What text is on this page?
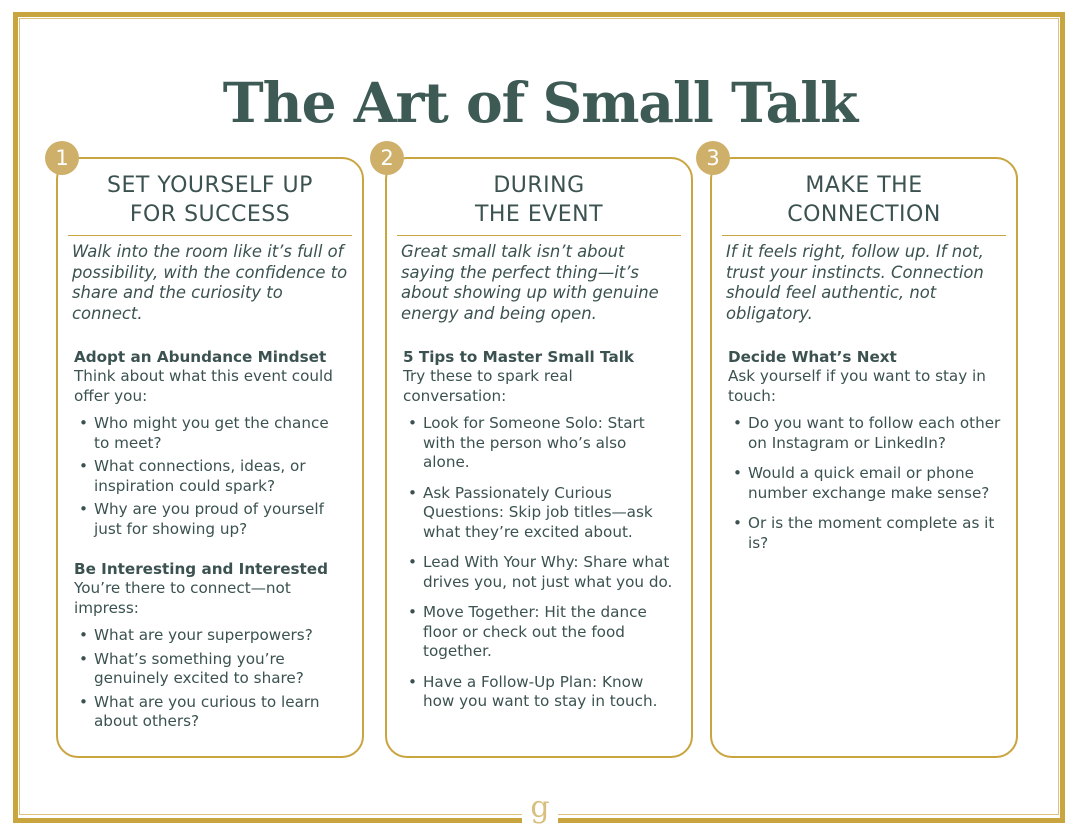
The Art of Small Talk
SET YOURSELF UP
FOR SUCCESS
Walk into the room like it’s full of possibility, with the confidence to share and the curiosity to connect.
Adopt an Abundance Mindset
Think about what this event could offer you:
• Who might you get the chance to meet?
• What connections, ideas, or inspiration could spark?
• Why are you proud of yourself just for showing up?
Be Interesting and Interested
You’re there to connect—not impress:
• What are your superpowers?
• What’s something you’re genuinely excited to share?
• What are you curious to learn about others?
DURING
THE EVENT
Great small talk isn’t about saying the perfect thing—it’s about showing up with genuine energy and being open.
5 Tips to Master Small Talk
Try these to spark real conversation:
• Look for Someone Solo: Start with the person who’s also alone.
• Ask Passionately Curious Questions: Skip job titles—ask what they’re excited about.
• Lead With Your Why: Share what drives you, not just what you do.
• Move Together: Hit the dance floor or check out the food together.
• Have a Follow-Up Plan: Know how you want to stay in touch.
MAKE THE
CONNECTION
If it feels right, follow up. If not, trust your instincts. Connection should feel authentic, not obligatory.
Decide What’s Next
Ask yourself if you want to stay in touch:
• Do you want to follow each other on Instagram or LinkedIn?
• Would a quick email or phone number exchange make sense?
• Or is the moment complete as it is?
1	2	3
g
